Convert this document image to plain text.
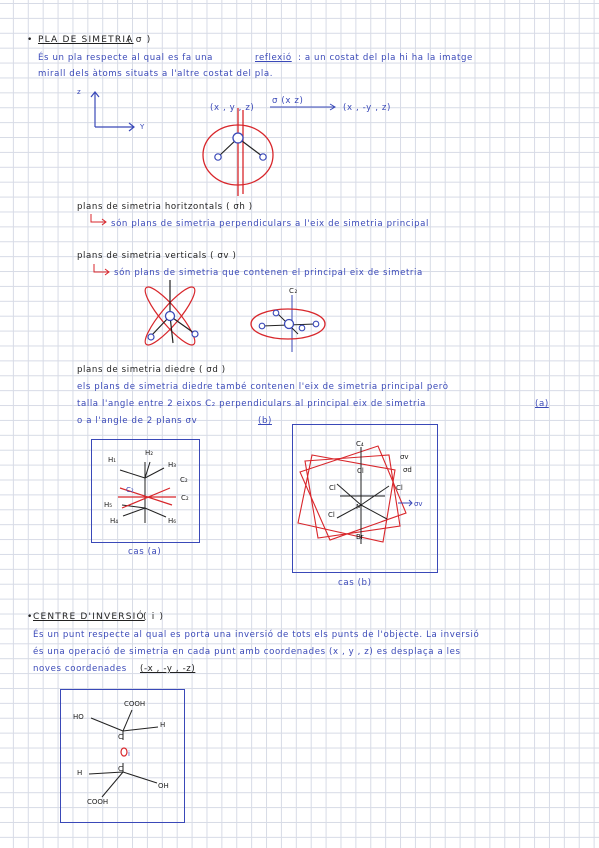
• PLA DE SIMETRIA
( σ )
És un pla respecte al qual es fa una	reflexió : a un costat del pla hi ha la imatge
mirall dels àtoms situats a l'altre costat del pla.
z
Y
(x , y , z)
σ (x z)
(x , -y , z)
plans de simetria horitzontals ( σh )
són plans de simetria perpendiculars a l'eix de simetria principal
plans de simetria verticals ( σv )
són plans de simetria que contenen el principal eix de simetria
C₂
plans de simetria diedre ( σd )
els plans de simetria diedre també contenen l'eix de simetria principal però
talla l'angle entre 2 eixos C₂ perpendiculars al principal eix de simetria	(a)
o a l'angle de 2 plans σv	(b)
cas (a)
cas (b)
• CENTRE D'INVERSIÓ
( i )
És un punt respecte al qual es porta una inversió de tots els punts de l'objecte. La inversió
és una operació de simetria en cada punt amb coordenades (x , y , z) es desplaça a les
noves coordenades (-x , -y , -z)
H₁
H₂
H₃
C₂
C₂
C₂
H₅
H₄	H₆
C₄
σv
σd
Cl
Cl	Cl
Cl
M
Br
σv
COOH
HO
H
C
H	C
OH
COOH
i
